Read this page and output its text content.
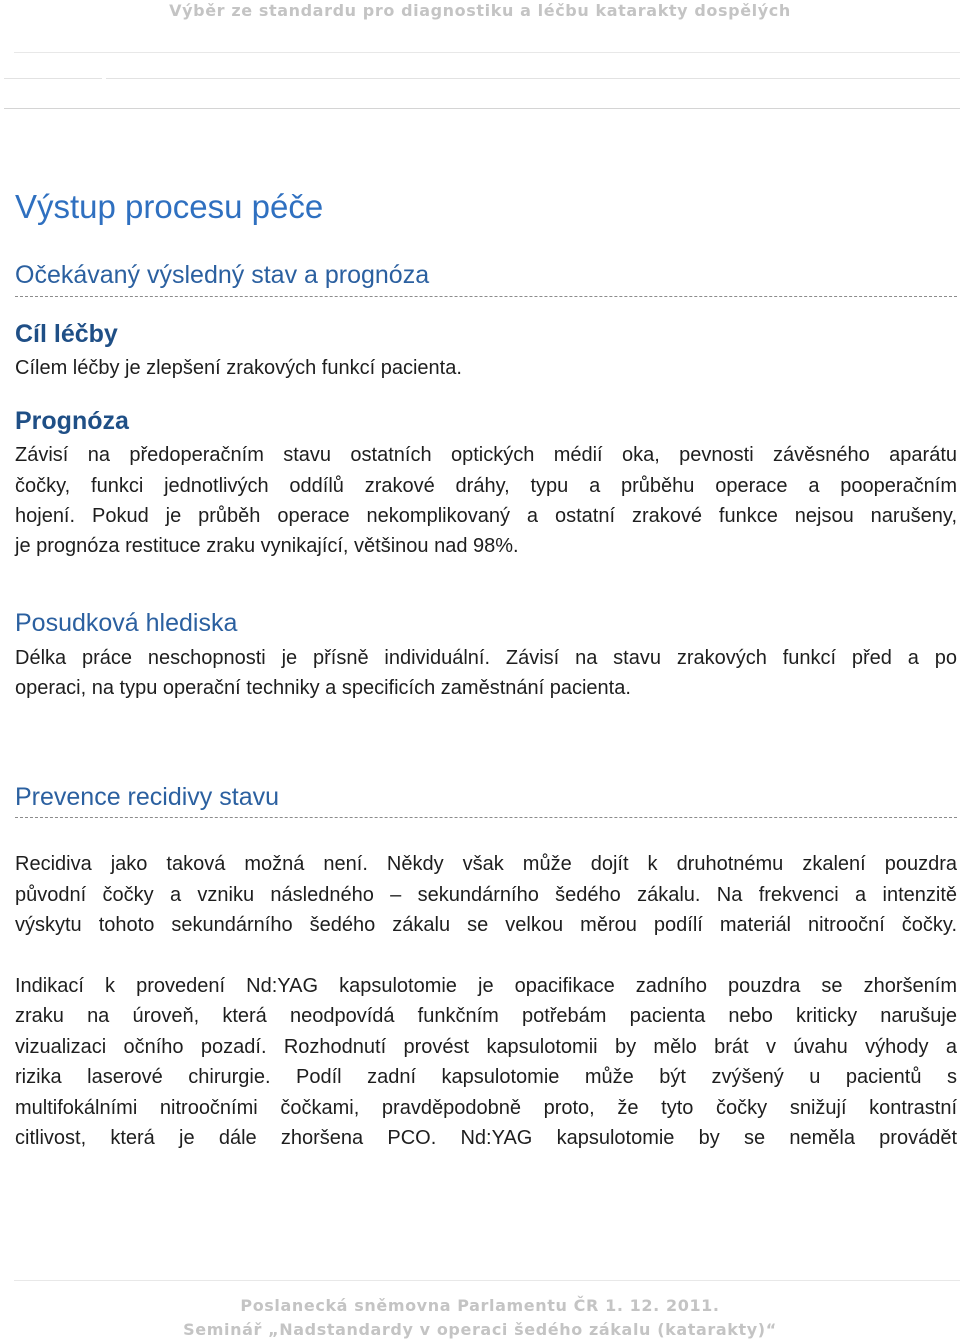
Výběr ze standardu pro diagnostiku a léčbu katarakty dospělých
Výstup procesu péče
Očekávaný výsledný stav a prognóza
Cíl léčby
Cílem léčby je zlepšení zrakových funkcí pacienta.
Prognóza
Závisí na předoperačním stavu ostatních optických médií oka, pevnosti závěsného aparátu
čočky, funkci jednotlivých oddílů zrakové dráhy, typu a průběhu operace a pooperačním
hojení. Pokud je průběh operace nekomplikovaný a ostatní zrakové funkce nejsou narušeny,
je prognóza restituce zraku vynikající, většinou nad 98%.
Posudková hlediska
Délka práce neschopnosti je přísně individuální. Závisí na stavu zrakových funkcí před a po
operaci, na typu operační techniky a specificích zaměstnání pacienta.
Prevence recidivy stavu
Recidiva jako taková možná není. Někdy však může dojít k druhotnému zkalení pouzdra
původní čočky a vzniku následného – sekundárního šedého zákalu. Na frekvenci a intenzitě
výskytu tohoto sekundárního šedého zákalu se velkou měrou podílí materiál nitrooční čočky.
Indikací k provedení Nd:YAG kapsulotomie je opacifikace zadního pouzdra se zhoršením
zraku na úroveň, která neodpovídá funkčním potřebám pacienta nebo kriticky narušuje
vizualizaci očního pozadí. Rozhodnutí provést kapsulotomii by mělo brát v úvahu výhody a
rizika laserové chirurgie. Podíl zadní kapsulotomie může být zvýšený u pacientů s
multifokálními nitroočními čočkami, pravděpodobně proto, že tyto čočky snižují kontrastní
citlivost, která je dále zhoršena PCO. Nd:YAG kapsulotomie by se neměla provádět
Poslanecká sněmovna Parlamentu ČR 1. 12. 2011.
Seminář „Nadstandardy v operaci šedého zákalu (katarakty)“
